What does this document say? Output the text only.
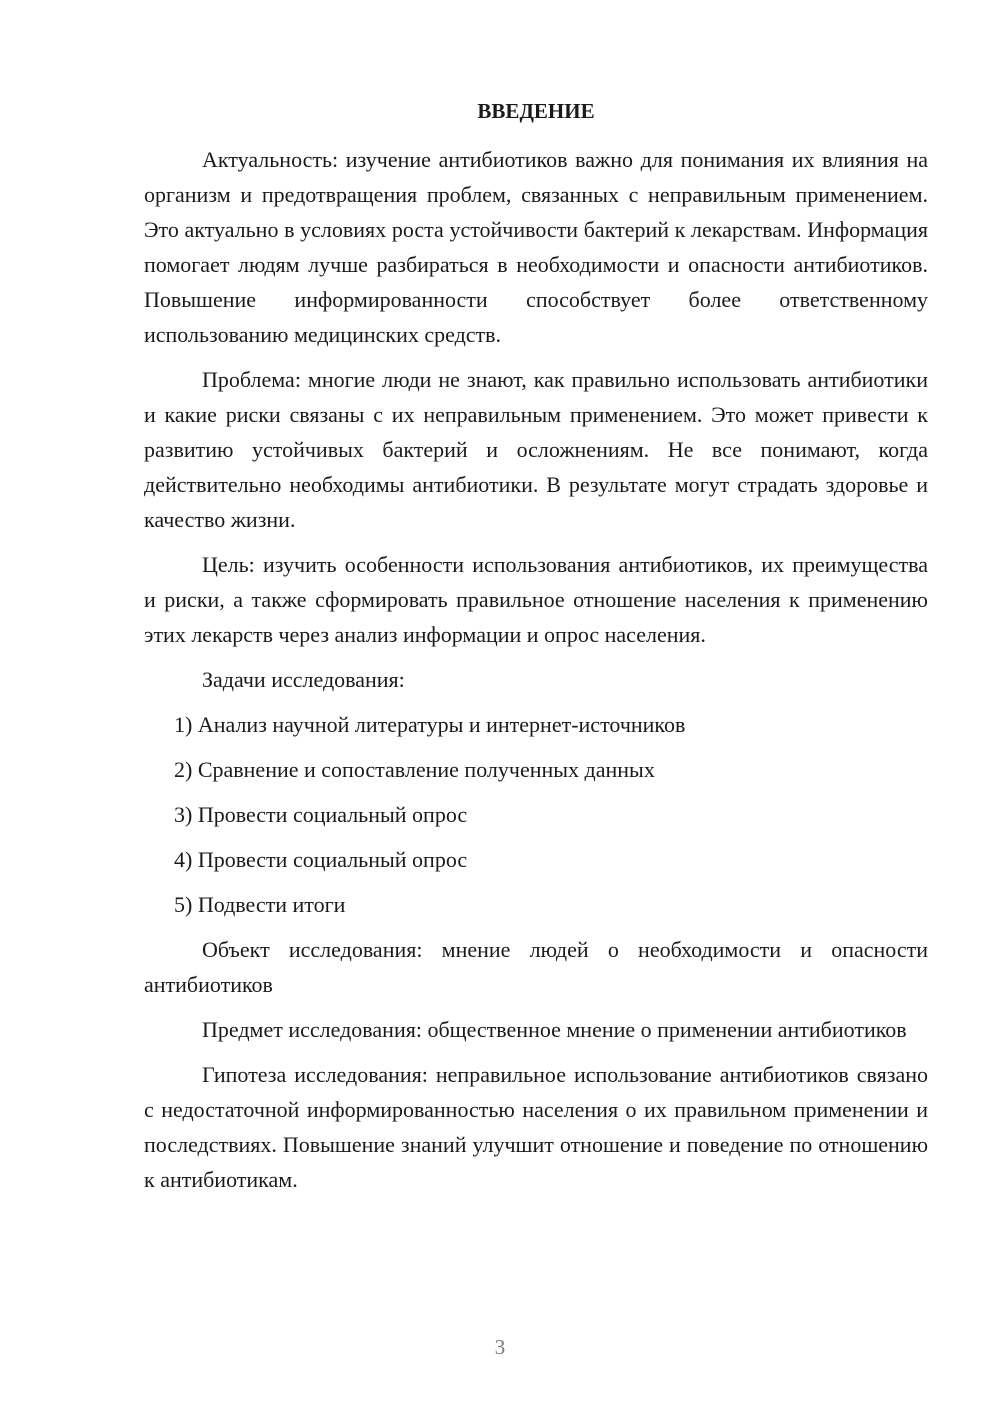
ВВЕДЕНИЕ

Актуальность: изучение антибиотиков важно для понимания их влияния на организм и предотвращения проблем, связанных с неправильным применением. Это актуально в условиях роста устойчивости бактерий к лекарствам. Информация помогает людям лучше разбираться в необходимости и опасности антибиотиков. Повышение информированности способствует более ответственному использованию медицинских средств.

Проблема: многие люди не знают, как правильно использовать антибиотики и какие риски связаны с их неправильным применением. Это может привести к развитию устойчивых бактерий и осложнениям. Не все понимают, когда действительно необходимы антибиотики. В результате могут страдать здоровье и качество жизни.

Цель: изучить особенности использования антибиотиков, их преимущества и риски, а также сформировать правильное отношение населения к применению этих лекарств через анализ информации и опрос населения.

Задачи исследования:

1) Анализ научной литературы и интернет-источников

2) Сравнение и сопоставление полученных данных

3) Провести социальный опрос

4) Провести социальный опрос

5) Подвести итоги

Объект исследования: мнение людей о необходимости и опасности антибиотиков

Предмет исследования: общественное мнение о применении антибиотиков

Гипотеза исследования: неправильное использование антибиотиков связано с недостаточной информированностью населения о их правильном применении и последствиях. Повышение знаний улучшит отношение и поведение по отношению к антибиотикам.

3
